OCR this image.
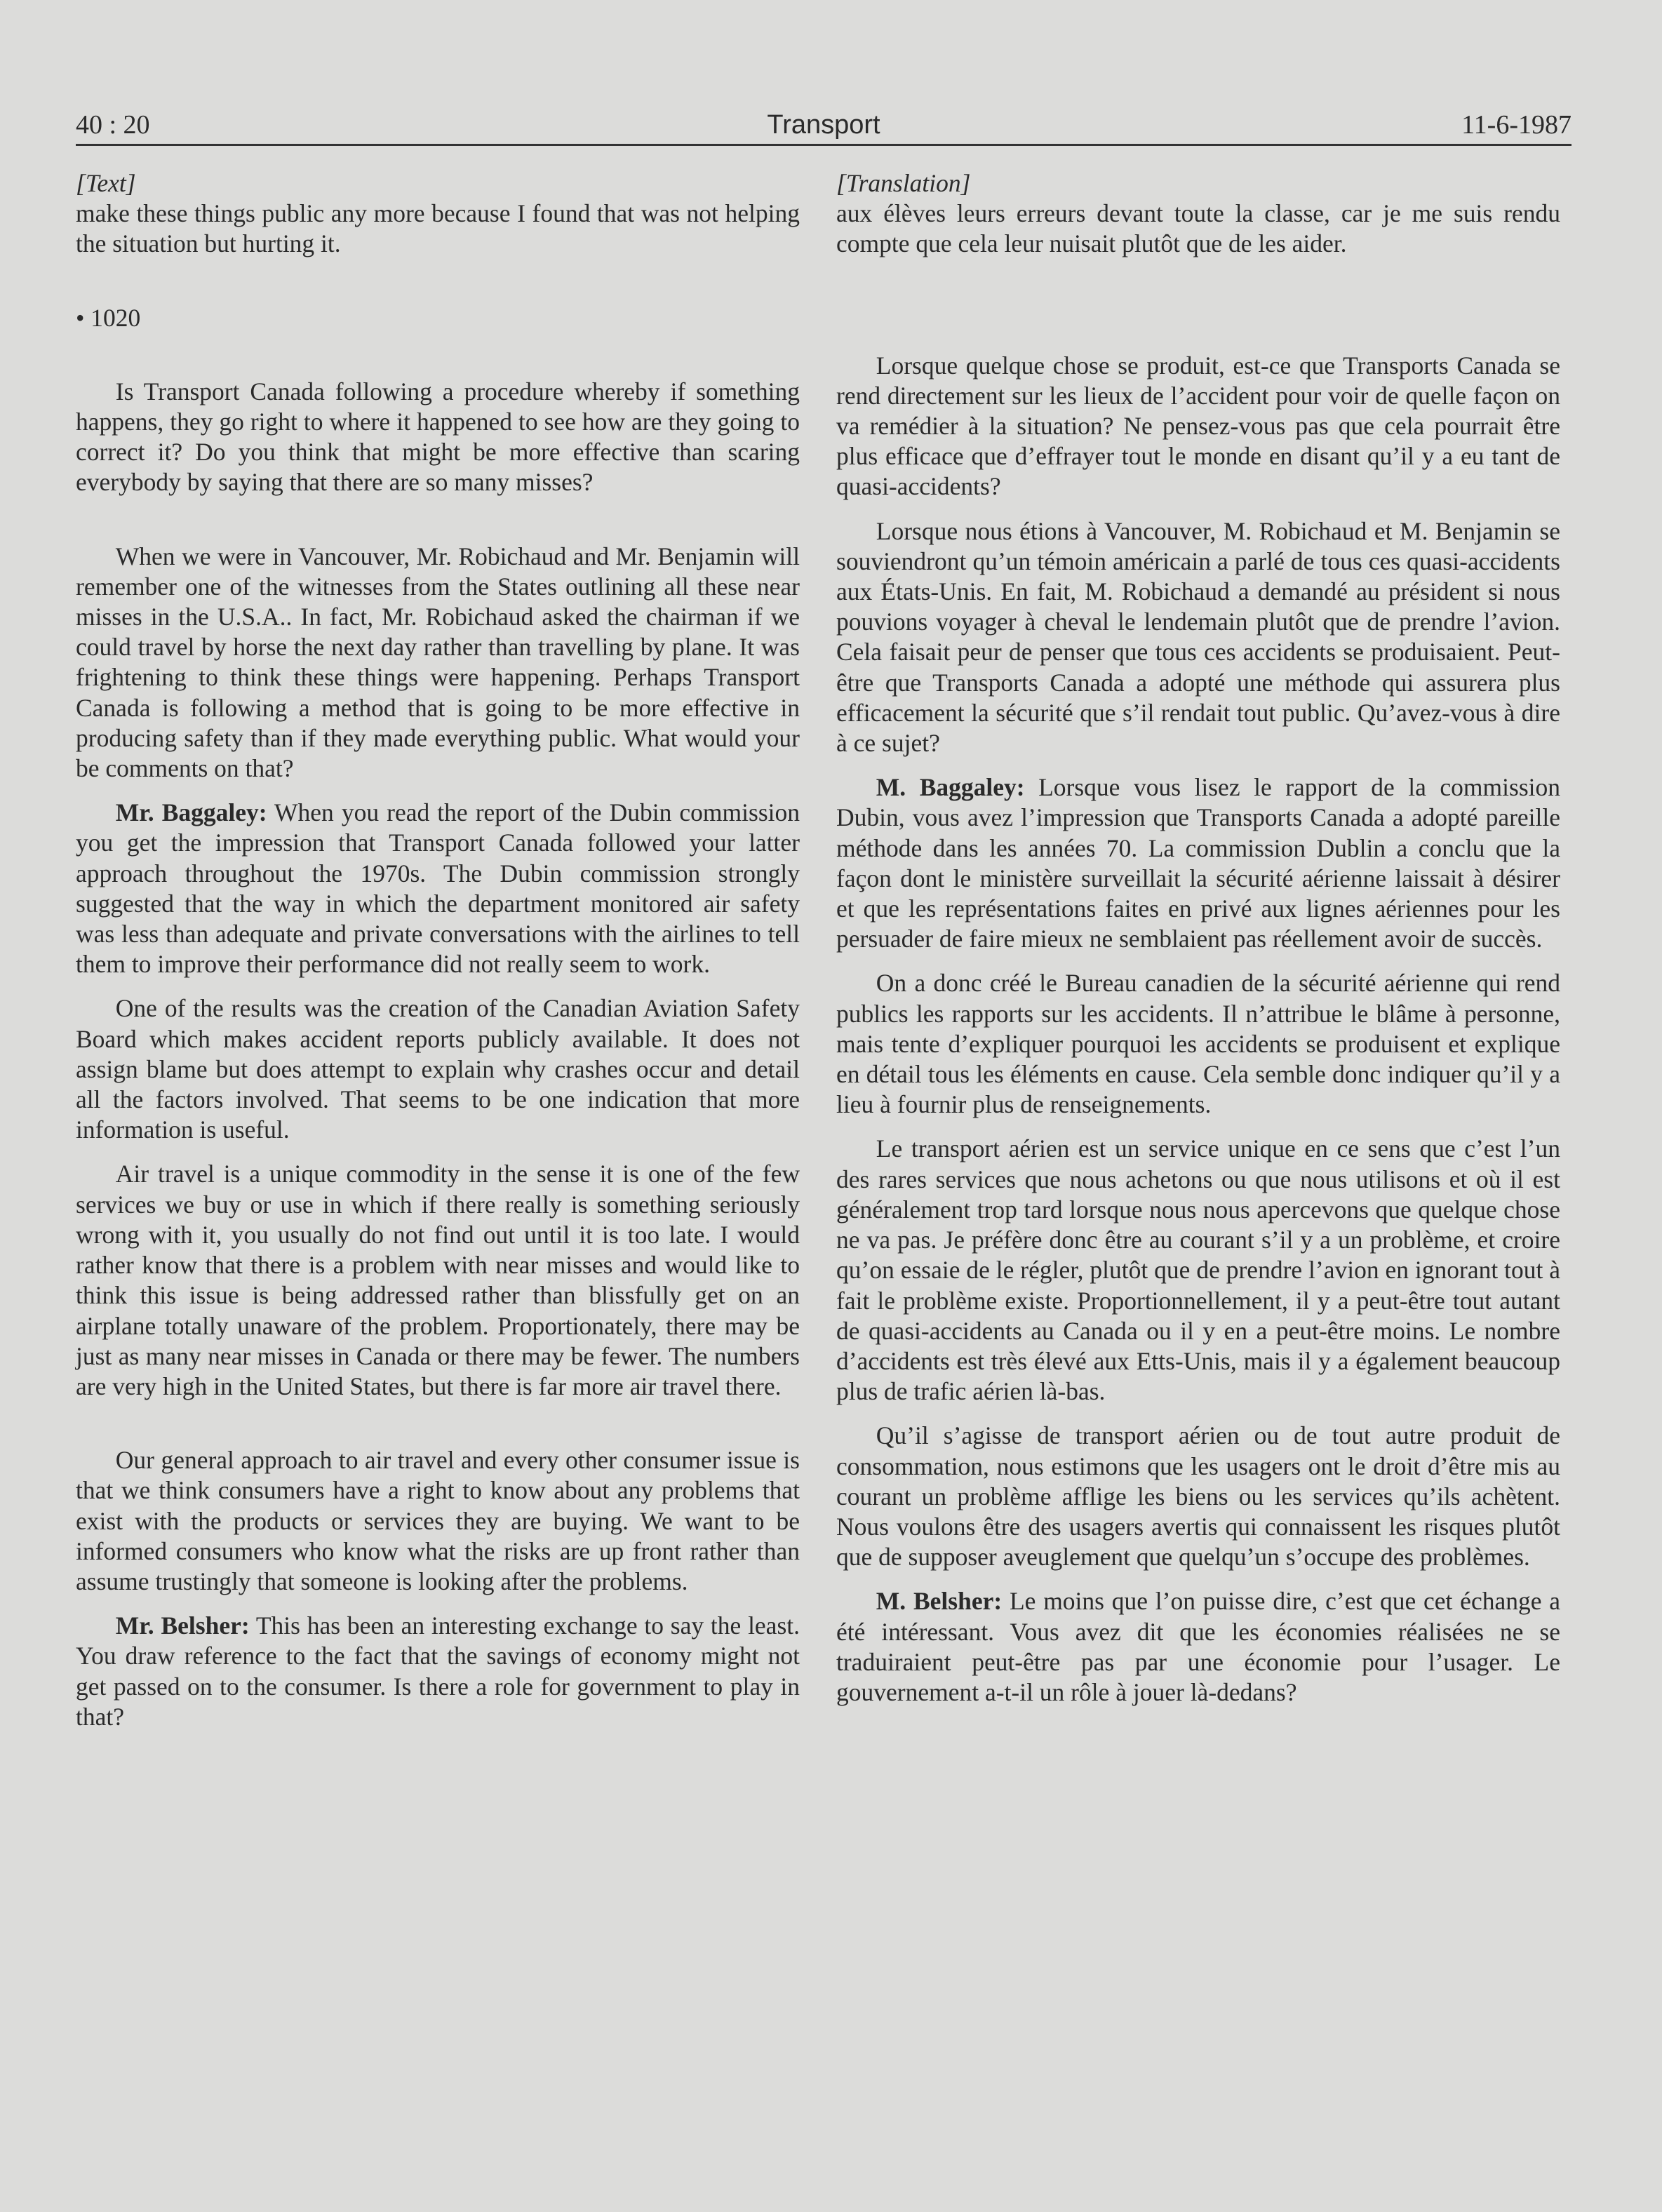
40 : 20	Transport	11-6-1987
[Text]

make these things public any more because I found that was not helping the situation but hurting it.

• 1020

Is Transport Canada following a procedure whereby if something happens, they go right to where it happened to see how are they going to correct it? Do you think that might be more effective than scaring everybody by saying that there are so many misses?

When we were in Vancouver, Mr. Robichaud and Mr. Benjamin will remember one of the witnesses from the States outlining all these near misses in the U.S.A.. In fact, Mr. Robichaud asked the chairman if we could travel by horse the next day rather than travelling by plane. It was frightening to think these things were happening. Perhaps Transport Canada is following a method that is going to be more effective in producing safety than if they made everything public. What would your be comments on that?

Mr. Baggaley: When you read the report of the Dubin commission you get the impression that Transport Canada followed your latter approach throughout the 1970s. The Dubin commission strongly suggested that the way in which the department monitored air safety was less than adequate and private conversations with the airlines to tell them to improve their performance did not really seem to work.

One of the results was the creation of the Canadian Aviation Safety Board which makes accident reports publicly available. It does not assign blame but does attempt to explain why crashes occur and detail all the factors involved. That seems to be one indication that more information is useful.

Air travel is a unique commodity in the sense it is one of the few services we buy or use in which if there really is something seriously wrong with it, you usually do not find out until it is too late. I would rather know that there is a problem with near misses and would like to think this issue is being addressed rather than blissfully get on an airplane totally unaware of the problem. Proportionately, there may be just as many near misses in Canada or there may be fewer. The numbers are very high in the United States, but there is far more air travel there.

Our general approach to air travel and every other consumer issue is that we think consumers have a right to know about any problems that exist with the products or services they are buying. We want to be informed consumers who know what the risks are up front rather than assume trustingly that someone is looking after the problems.

Mr. Belsher: This has been an interesting exchange to say the least. You draw reference to the fact that the savings of economy might not get passed on to the consumer. Is there a role for government to play in that?

[Translation]

aux élèves leurs erreurs devant toute la classe, car je me suis rendu compte que cela leur nuisait plutôt que de les aider.

Lorsque quelque chose se produit, est-ce que Transports Canada se rend directement sur les lieux de l’accident pour voir de quelle façon on va remédier à la situation? Ne pensez-vous pas que cela pourrait être plus efficace que d’effrayer tout le monde en disant qu’il y a eu tant de quasi-accidents?

Lorsque nous étions à Vancouver, M. Robichaud et M. Benjamin se souviendront qu’un témoin américain a parlé de tous ces quasi-accidents aux États-Unis. En fait, M. Robichaud a demandé au président si nous pouvions voyager à cheval le lendemain plutôt que de prendre l’avion. Cela faisait peur de penser que tous ces accidents se produisaient. Peut-être que Transports Canada a adopté une méthode qui assurera plus efficacement la sécurité que s’il rendait tout public. Qu’avez-vous à dire à ce sujet?

M. Baggaley: Lorsque vous lisez le rapport de la commission Dubin, vous avez l’impression que Transports Canada a adopté pareille méthode dans les années 70. La commission Dublin a conclu que la façon dont le ministère surveillait la sécurité aérienne laissait à désirer et que les représentations faites en privé aux lignes aériennes pour les persuader de faire mieux ne semblaient pas réellement avoir de succès.

On a donc créé le Bureau canadien de la sécurité aérienne qui rend publics les rapports sur les accidents. Il n’attribue le blâme à personne, mais tente d’expliquer pourquoi les accidents se produisent et explique en détail tous les éléments en cause. Cela semble donc indiquer qu’il y a lieu à fournir plus de renseignements.

Le transport aérien est un service unique en ce sens que c’est l’un des rares services que nous achetons ou que nous utilisons et où il est généralement trop tard lorsque nous nous apercevons que quelque chose ne va pas. Je préfère donc être au courant s’il y a un problème, et croire qu’on essaie de le régler, plutôt que de prendre l’avion en ignorant tout à fait le problème existe. Proportionnellement, il y a peut-être tout autant de quasi-accidents au Canada ou il y en a peut-être moins. Le nombre d’accidents est très élevé aux Etts-Unis, mais il y a également beaucoup plus de trafic aérien là-bas.

Qu’il s’agisse de transport aérien ou de tout autre produit de consommation, nous estimons que les usagers ont le droit d’être mis au courant un problème afflige les biens ou les services qu’ils achètent. Nous voulons être des usagers avertis qui connaissent les risques plutôt que de supposer aveuglement que quelqu’un s’occupe des problèmes.

M. Belsher: Le moins que l’on puisse dire, c’est que cet échange a été intéressant. Vous avez dit que les économies réalisées ne se traduiraient peut-être pas par une économie pour l’usager. Le gouvernement a-t-il un rôle à jouer là-dedans?
